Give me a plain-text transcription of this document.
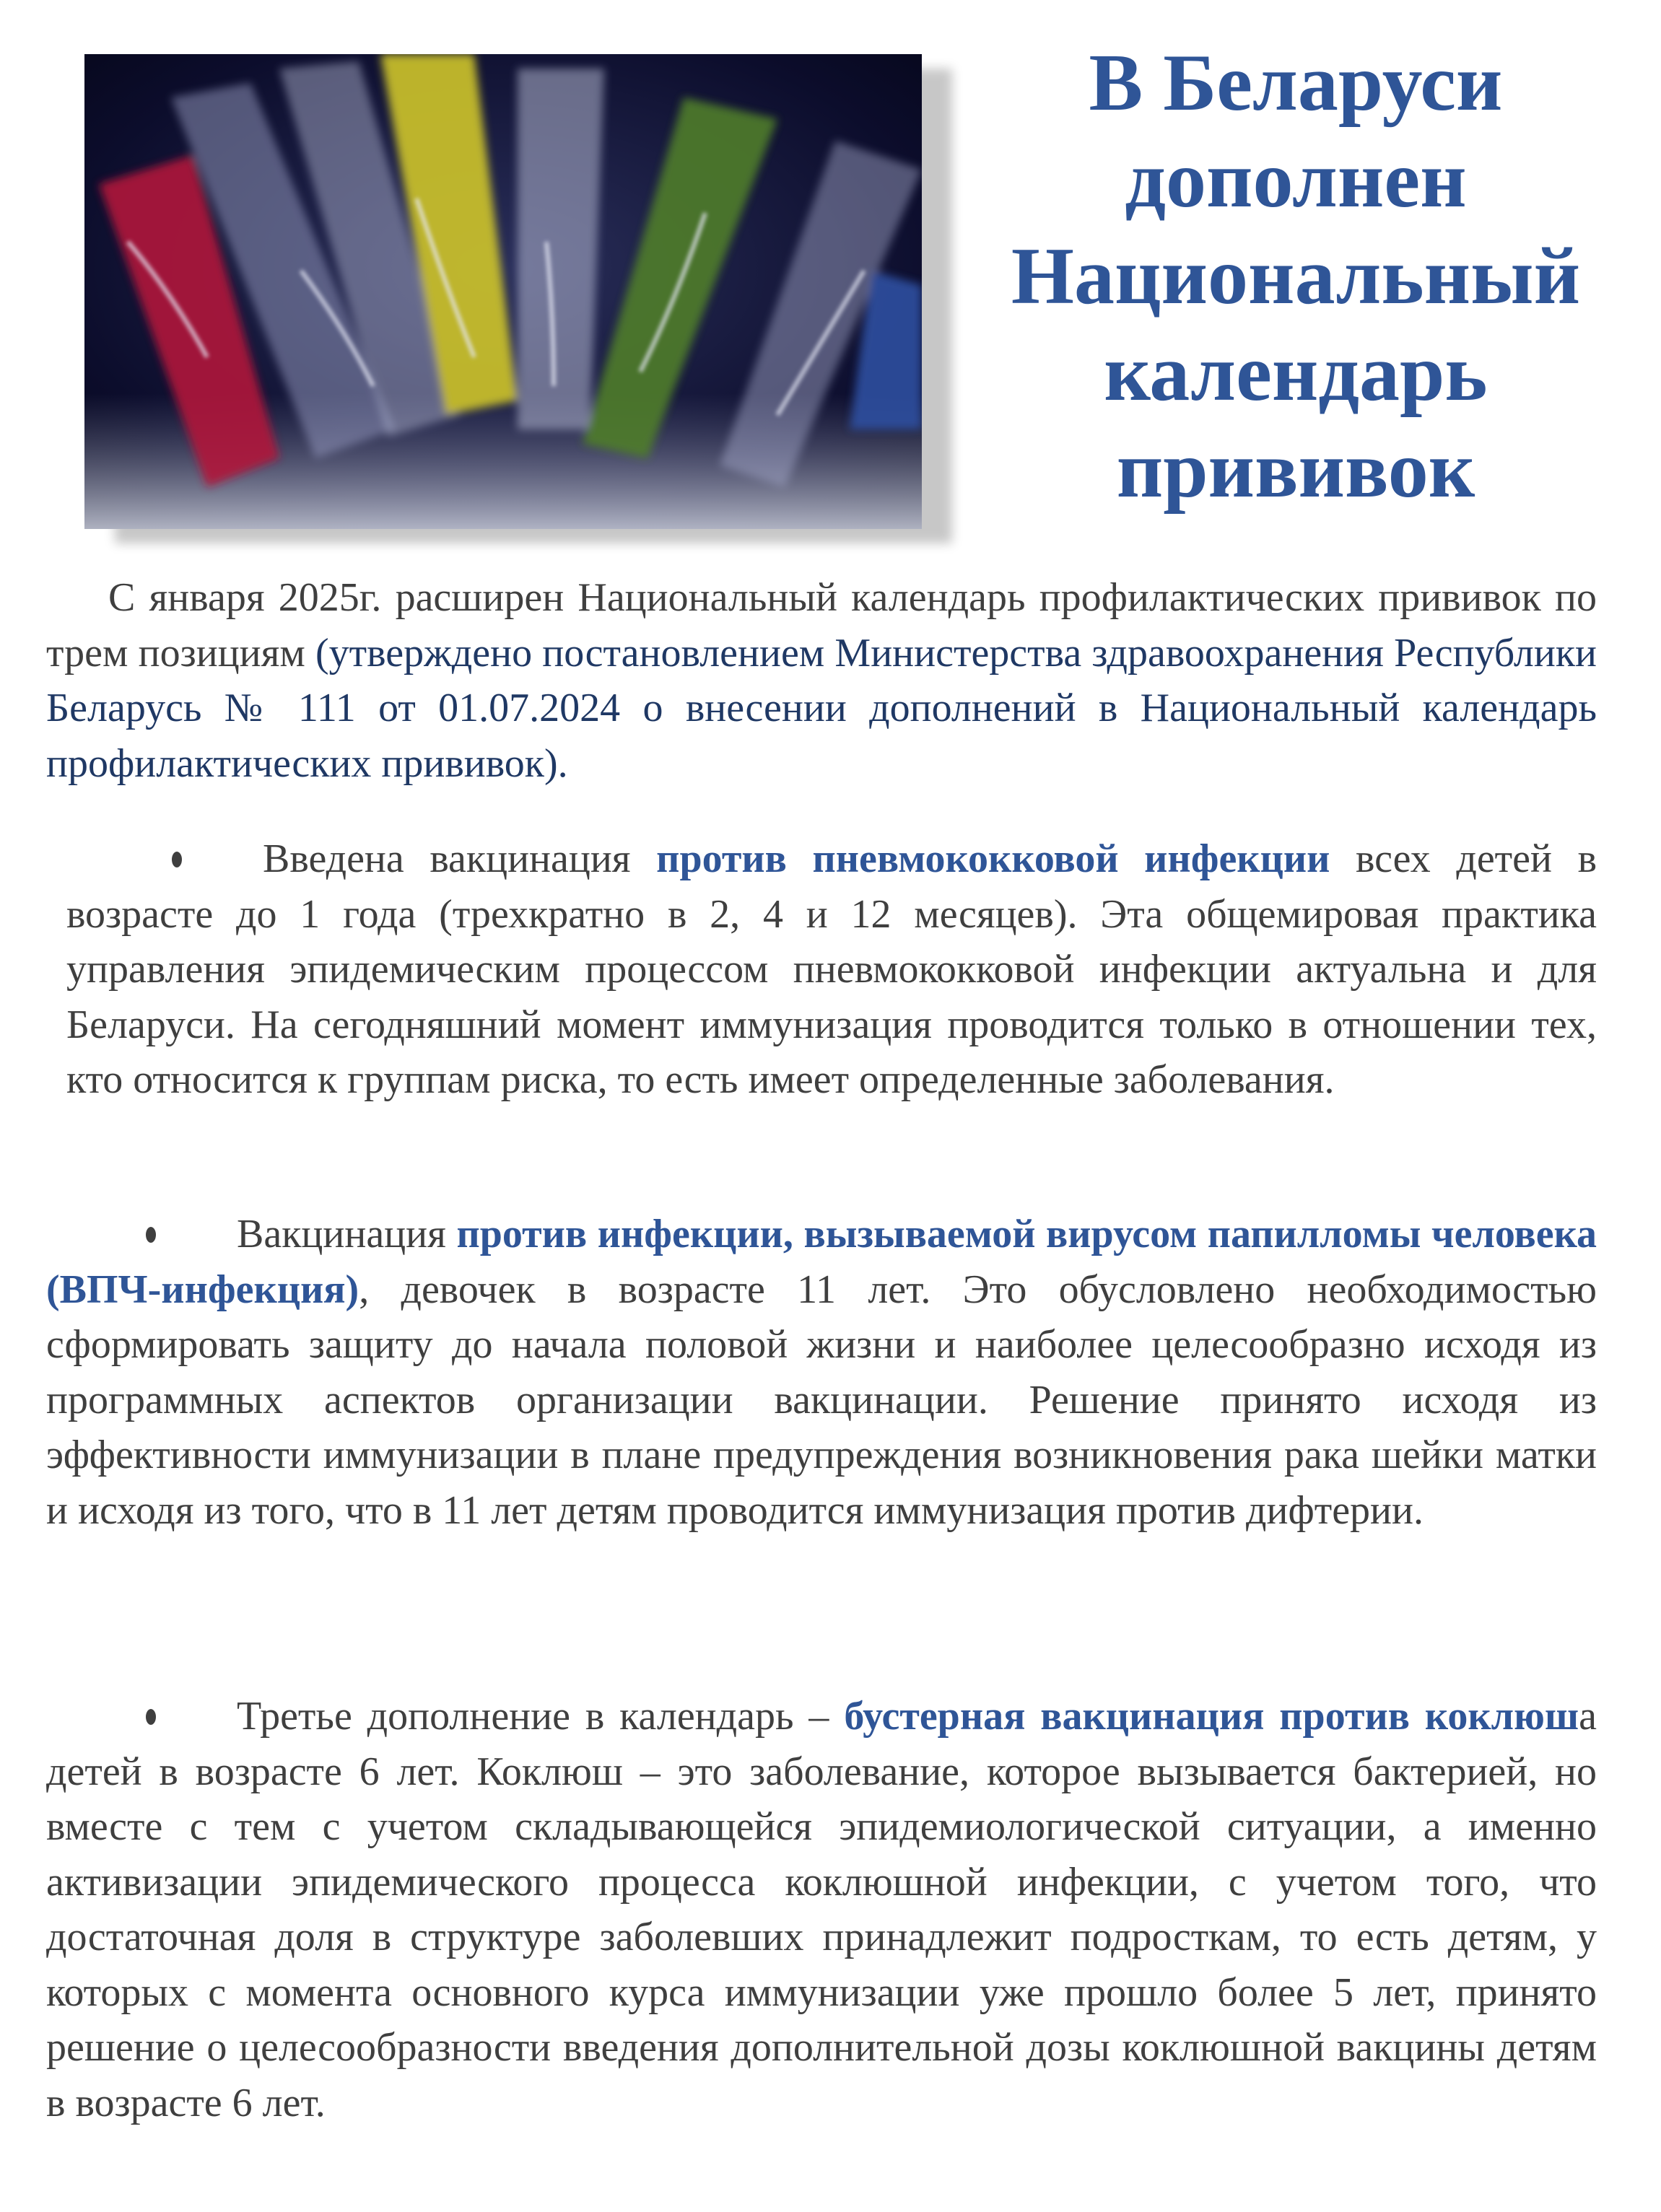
В Беларуси
дополнен
Национальный
календарь
прививок

С января 2025г. расширен Национальный календарь профилактических прививок по трем позициям (утверждено постановлением Министерства здравоохранения Республики Беларусь № 111 от 01.07.2024 о внесении дополнений в Национальный календарь профилактических прививок).

Введена вакцинация против пневмококковой инфекции всех детей в возрасте до 1 года (трехкратно в 2, 4 и 12 месяцев). Эта общемировая практика управления эпидемическим процессом пневмококковой инфекции актуальна и для Беларуси. На сегодняшний момент иммунизация проводится только в отношении тех, кто относится к группам риска, то есть имеет определенные заболевания.

Вакцинация против инфекции, вызываемой вирусом папилломы человека (ВПЧ-инфекция), девочек в возрасте 11 лет. Это обусловлено необходимостью сформировать защиту до начала половой жизни и наиболее целесообразно исходя из программных аспектов организации вакцинации. Решение принято исходя из эффективности иммунизации в плане предупреждения возникновения рака шейки матки и исходя из того, что в 11 лет детям проводится иммунизация против дифтерии.

Третье дополнение в календарь – бустерная вакцинация против коклюша детей в возрасте 6 лет. Коклюш – это заболевание, которое вызывается бактерией, но вместе с тем с учетом складывающейся эпидемиологической ситуации, а именно активизации эпидемического процесса коклюшной инфекции, с учетом того, что достаточная доля в структуре заболевших принадлежит подросткам, то есть детям, у которых с момента основного курса иммунизации уже прошло более 5 лет, принято решение о целесообразности введения дополнительной дозы коклюшной вакцины детям в возрасте 6 лет.
